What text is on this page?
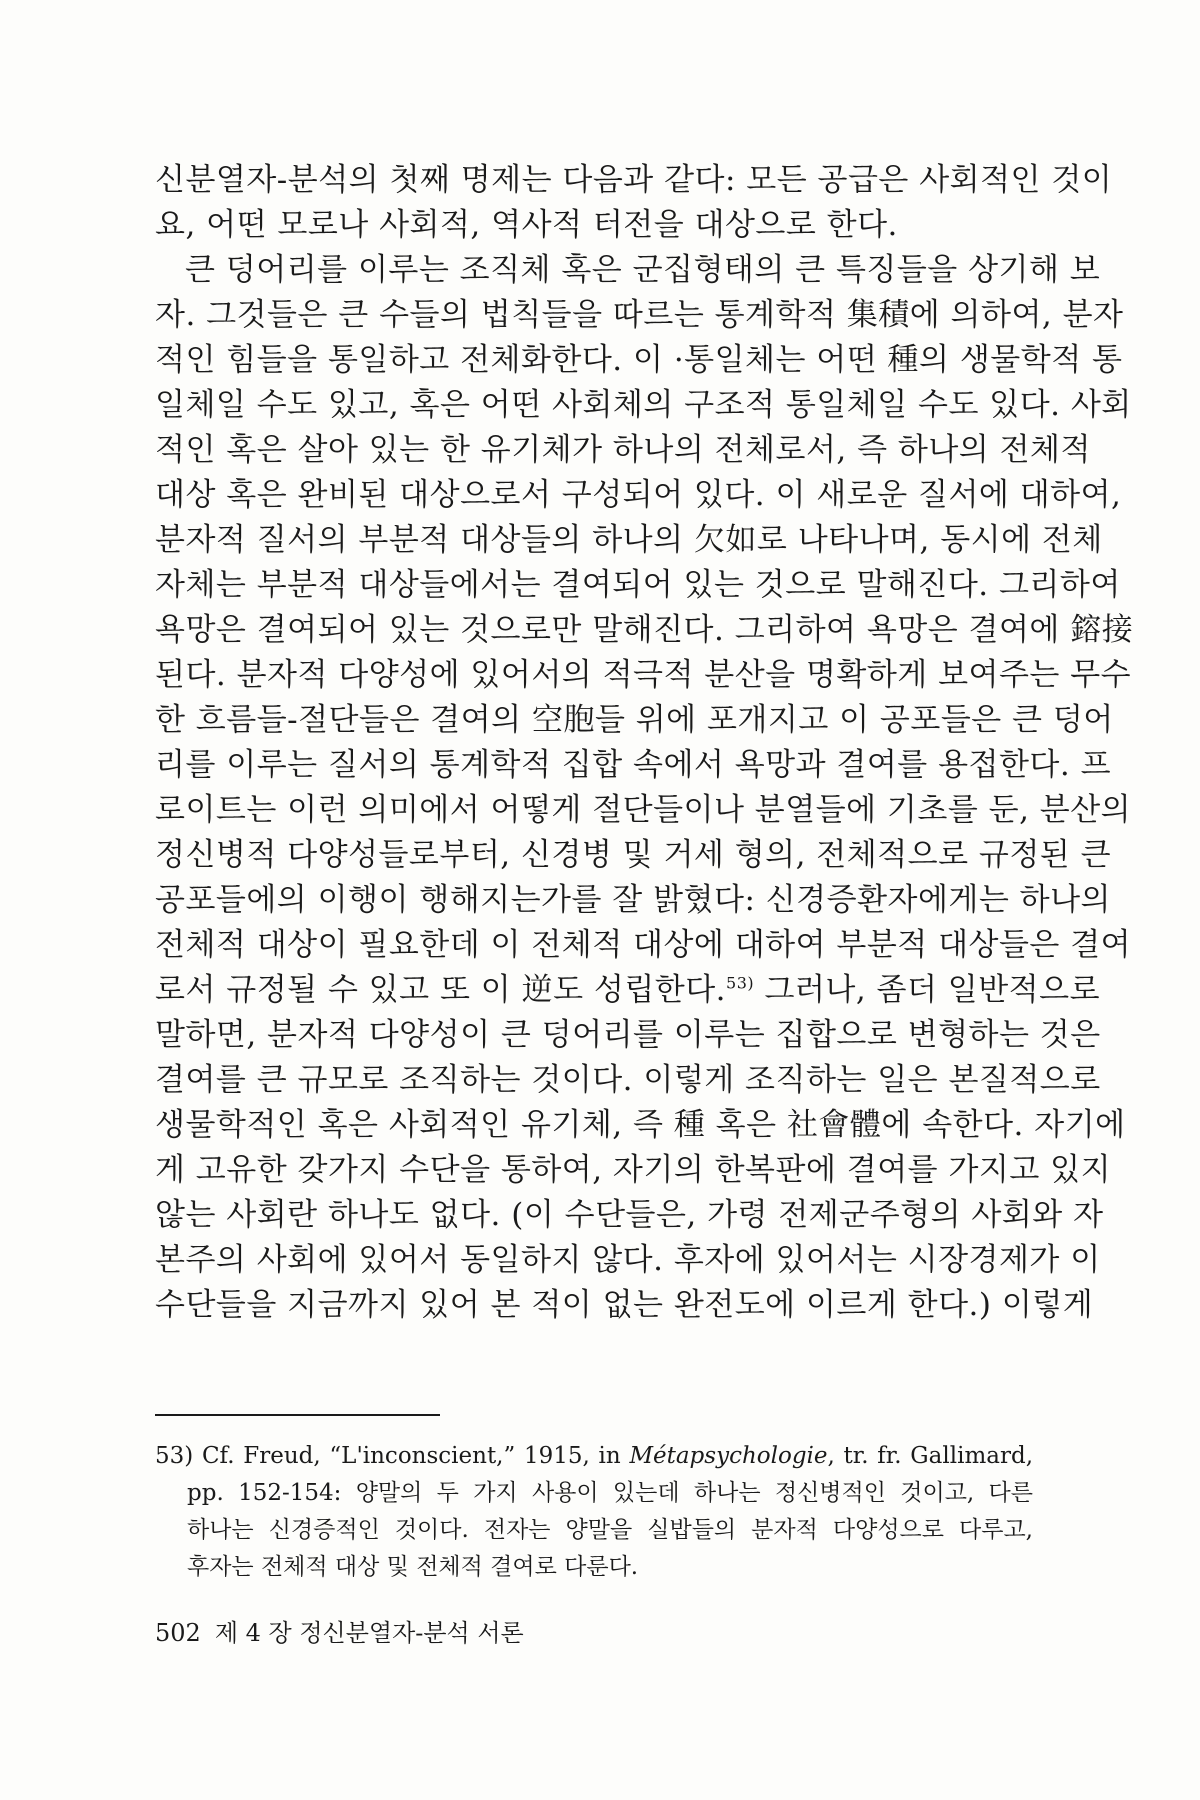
신분열자-분석의 첫째 명제는 다음과 같다: 모든 공급은 사회적인 것이
요, 어떤 모로나 사회적, 역사적 터전을 대상으로 한다.
큰 덩어리를 이루는 조직체 혹은 군집형태의 큰 특징들을 상기해 보
자. 그것들은 큰 수들의 법칙들을 따르는 통계학적 集積에 의하여, 분자
적인 힘들을 통일하고 전체화한다. 이 ·통일체는 어떤 種의 생물학적 통
일체일 수도 있고, 혹은 어떤 사회체의 구조적 통일체일 수도 있다. 사회
적인 혹은 살아 있는 한 유기체가 하나의 전체로서, 즉 하나의 전체적
대상 혹은 완비된 대상으로서 구성되어 있다. 이 새로운 질서에 대하여,
분자적 질서의 부분적 대상들의 하나의 欠如로 나타나며, 동시에 전체
자체는 부분적 대상들에서는 결여되어 있는 것으로 말해진다. 그리하여
욕망은 결여되어 있는 것으로만 말해진다. 그리하여 욕망은 결여에 鎔接
된다. 분자적 다양성에 있어서의 적극적 분산을 명확하게 보여주는 무수
한 흐름들-절단들은 결여의 空胞들 위에 포개지고 이 공포들은 큰 덩어
리를 이루는 질서의 통계학적 집합 속에서 욕망과 결여를 용접한다. 프
로이트는 이런 의미에서 어떻게 절단들이나 분열들에 기초를 둔, 분산의
정신병적 다양성들로부터, 신경병 및 거세 형의, 전체적으로 규정된 큰
공포들에의 이행이 행해지는가를 잘 밝혔다: 신경증환자에게는 하나의
전체적 대상이 필요한데 이 전체적 대상에 대하여 부분적 대상들은 결여
로서 규정될 수 있고 또 이 逆도 성립한다.$^{53)}$ 그러나, 좀더 일반적으로
말하면, 분자적 다양성이 큰 덩어리를 이루는 집합으로 변형하는 것은
결여를 큰 규모로 조직하는 것이다. 이렇게 조직하는 일은 본질적으로
생물학적인 혹은 사회적인 유기체, 즉 種 혹은 社會體에 속한다. 자기에
게 고유한 갖가지 수단을 통하여, 자기의 한복판에 결여를 가지고 있지
않는 사회란 하나도 없다. (이 수단들은, 가령 전제군주형의 사회와 자
본주의 사회에 있어서 동일하지 않다. 후자에 있어서는 시장경제가 이
수단들을 지금까지 있어 본 적이 없는 완전도에 이르게 한다.) 이렇게
53) Cf. Freud, “L'inconscient,” 1915, in Métapsychologie, tr. fr. Gallimard,
pp. 152-154: 양말의 두 가지 사용이 있는데 하나는 정신병적인 것이고, 다른
하나는 신경증적인 것이다. 전자는 양말을 실밥들의 분자적 다양성으로 다루고,
후자는 전체적 대상 및 전체적 결여로 다룬다.
502 제 4 장 정신분열자-분석 서론
